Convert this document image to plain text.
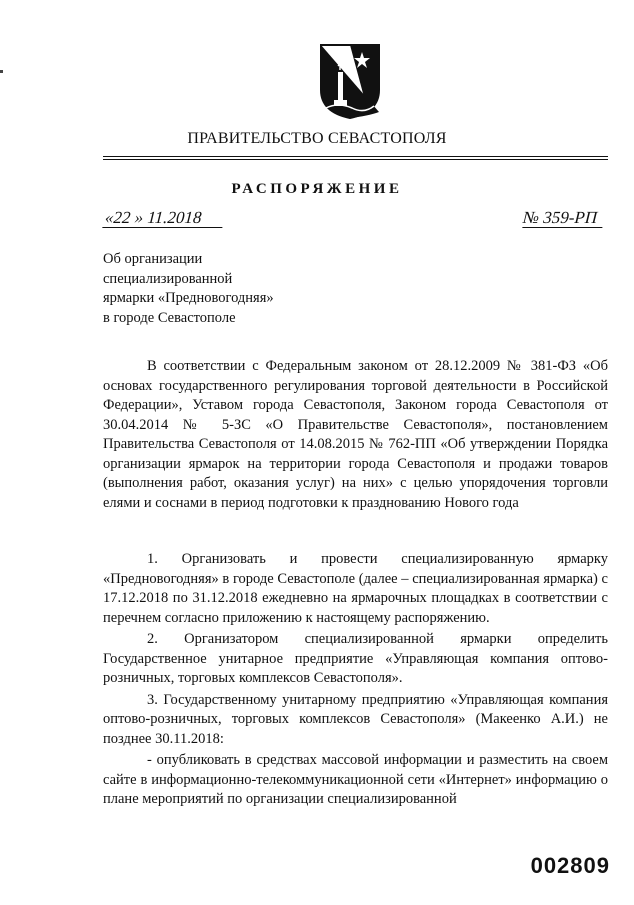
ПРАВИТЕЛЬСТВО СЕВАСТОПОЛЯ
РАСПОРЯЖЕНИЕ
«22 » 11.2018	№ 359-РП
Об организации
специализированной
ярмарки «Предновогодняя»
в городе Севастополе

В соответствии с Федеральным законом от 28.12.2009 № 381-ФЗ «Об основах государственного регулирования торговой деятельности в Российской Федерации», Уставом города Севастополя, Законом города Севастополя от 30.04.2014 № 5-ЗС «О Правительстве Севастополя», постановлением Правительства Севастополя от 14.08.2015 № 762-ПП «Об утверждении Порядка организации ярмарок на территории города Севастополя и продажи товаров (выполнения работ, оказания услуг) на них» с целью упорядочения торговли елями и соснами в период подготовки к празднованию Нового года

1. Организовать и провести специализированную ярмарку «Предновогодняя» в городе Севастополе (далее – специализированная ярмарка) с 17.12.2018 по 31.12.2018 ежедневно на ярмарочных площадках в соответствии с перечнем согласно приложению к настоящему распоряжению.

2. Организатором специализированной ярмарки определить Государственное унитарное предприятие «Управляющая компания оптово-розничных, торговых комплексов Севастополя».

3. Государственному унитарному предприятию «Управляющая компания оптово-розничных, торговых комплексов Севастополя» (Макеенко А.И.) не позднее 30.11.2018:

- опубликовать в средствах массовой информации и разместить на своем сайте в информационно-телекоммуникационной сети «Интернет» информацию о плане мероприятий по организации специализированной

002809
